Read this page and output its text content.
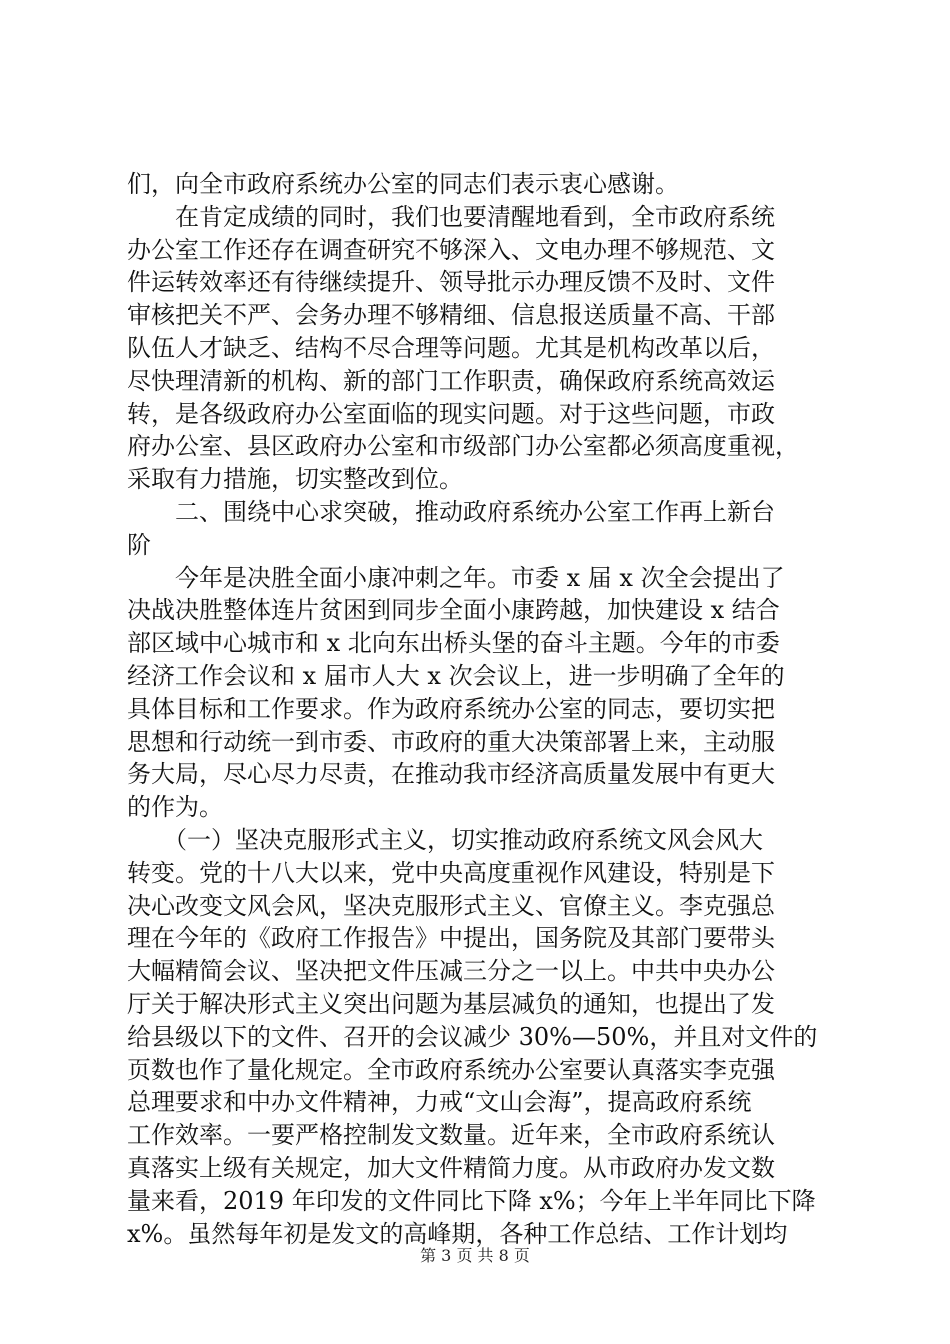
们，向全市政府系统办公室的同志们表示衷心感谢。
　　在肯定成绩的同时，我们也要清醒地看到，全市政府系统
办公室工作还存在调查研究不够深入、文电办理不够规范、文
件运转效率还有待继续提升、领导批示办理反馈不及时、文件
审核把关不严、会务办理不够精细、信息报送质量不高、干部
队伍人才缺乏、结构不尽合理等问题。尤其是机构改革以后，
尽快理清新的机构、新的部门工作职责，确保政府系统高效运
转，是各级政府办公室面临的现实问题。对于这些问题，市政
府办公室、县区政府办公室和市级部门办公室都必须高度重视，
采取有力措施，切实整改到位。
　　二、围绕中心求突破，推动政府系统办公室工作再上新台
阶
　　今年是决胜全面小康冲刺之年。市委 x 届 x 次全会提出了
决战决胜整体连片贫困到同步全面小康跨越，加快建设 x 结合
部区域中心城市和 x 北向东出桥头堡的奋斗主题。今年的市委
经济工作会议和 x 届市人大 x 次会议上，进一步明确了全年的
具体目标和工作要求。作为政府系统办公室的同志，要切实把
思想和行动统一到市委、市政府的重大决策部署上来，主动服
务大局，尽心尽力尽责，在推动我市经济高质量发展中有更大
的作为。
　　（一）坚决克服形式主义，切实推动政府系统文风会风大
转变。党的十八大以来，党中央高度重视作风建设，特别是下
决心改变文风会风，坚决克服形式主义、官僚主义。李克强总
理在今年的《政府工作报告》中提出，国务院及其部门要带头
大幅精简会议、坚决把文件压减三分之一以上。中共中央办公
厅关于解决形式主义突出问题为基层减负的通知，也提出了发
给县级以下的文件、召开的会议减少 30%—50%，并且对文件的
页数也作了量化规定。全市政府系统办公室要认真落实李克强
总理要求和中办文件精神，力戒“文山会海”，提高政府系统
工作效率。一要严格控制发文数量。近年来，全市政府系统认
真落实上级有关规定，加大文件精简力度。从市政府办发文数
量来看，2019 年印发的文件同比下降 x%；今年上半年同比下降
x%。虽然每年初是发文的高峰期，各种工作总结、工作计划均
第 3 页 共 8 页
